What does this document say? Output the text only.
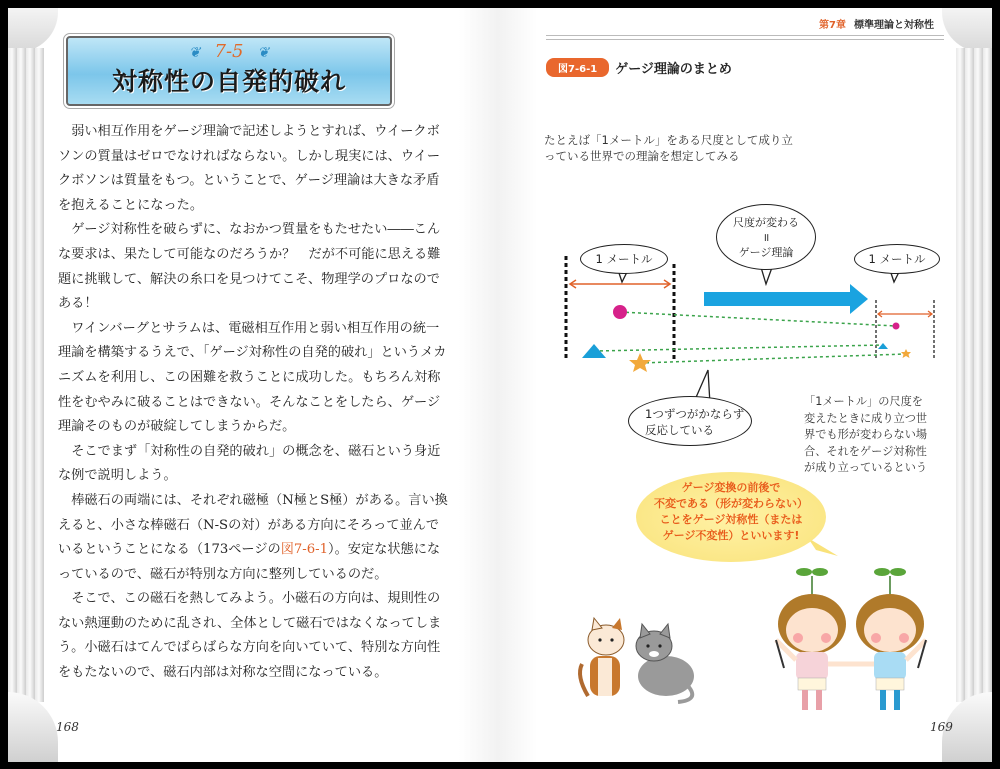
❦ 7-5 ❦
対称性の自発的破れ

弱い相互作用をゲージ理論で記述しようとすれば、ウイークボソンの質量はゼロでなければならない。しかし現実には、ウイークボソンは質量をもつ。ということで、ゲージ理論は大きな矛盾を抱えることになった。

ゲージ対称性を破らずに、なおかつ質量をもたせたい――こんな要求は、果たして可能なのだろうか？　だが不可能に思える難題に挑戦して、解決の糸口を見つけてこそ、物理学のプロなのである！

ワインバーグとサラムは、電磁相互作用と弱い相互作用の統一理論を構築するうえで、「ゲージ対称性の自発的破れ」というメカニズムを利用し、この困難を救うことに成功した。もちろん対称性をむやみに破ることはできない。そんなことをしたら、ゲージ理論そのものが破綻してしまうからだ。

そこでまず「対称性の自発的破れ」の概念を、磁石という身近な例で説明しよう。

棒磁石の両端には、それぞれ磁極（N極とS極）がある。言い換えると、小さな棒磁石（N-Sの対）がある方向にそろって並んでいるということになる（173ページの図7-6-1）。安定な状態になっているので、磁石が特別な方向に整列しているのだ。

そこで、この磁石を熱してみよう。小磁石の方向は、規則性のない熱運動のために乱され、全体として磁石ではなくなってしまう。小磁石はてんでばらばらな方向を向いていて、特別な方向性をもたないので、磁石内部は対称な空間になっている。

168
第7章 標準理論と対称性
図7-6-1	ゲージ理論のまとめ
たとえば「1メートル」をある尺度として成り立っている世界での理論を想定してみる
1 メートル	1 メートル
尺度が変わる
॥
ゲージ理論
1つずつがかならず
反応している
「1メートル」の尺度を変えたときに成り立つ世界でも形が変わらない場合、それをゲージ対称性が成り立っているという
ゲージ変換の前後で
不変である（形が変わらない）
ことをゲージ対称性（または
ゲージ不変性）といいます!
169
